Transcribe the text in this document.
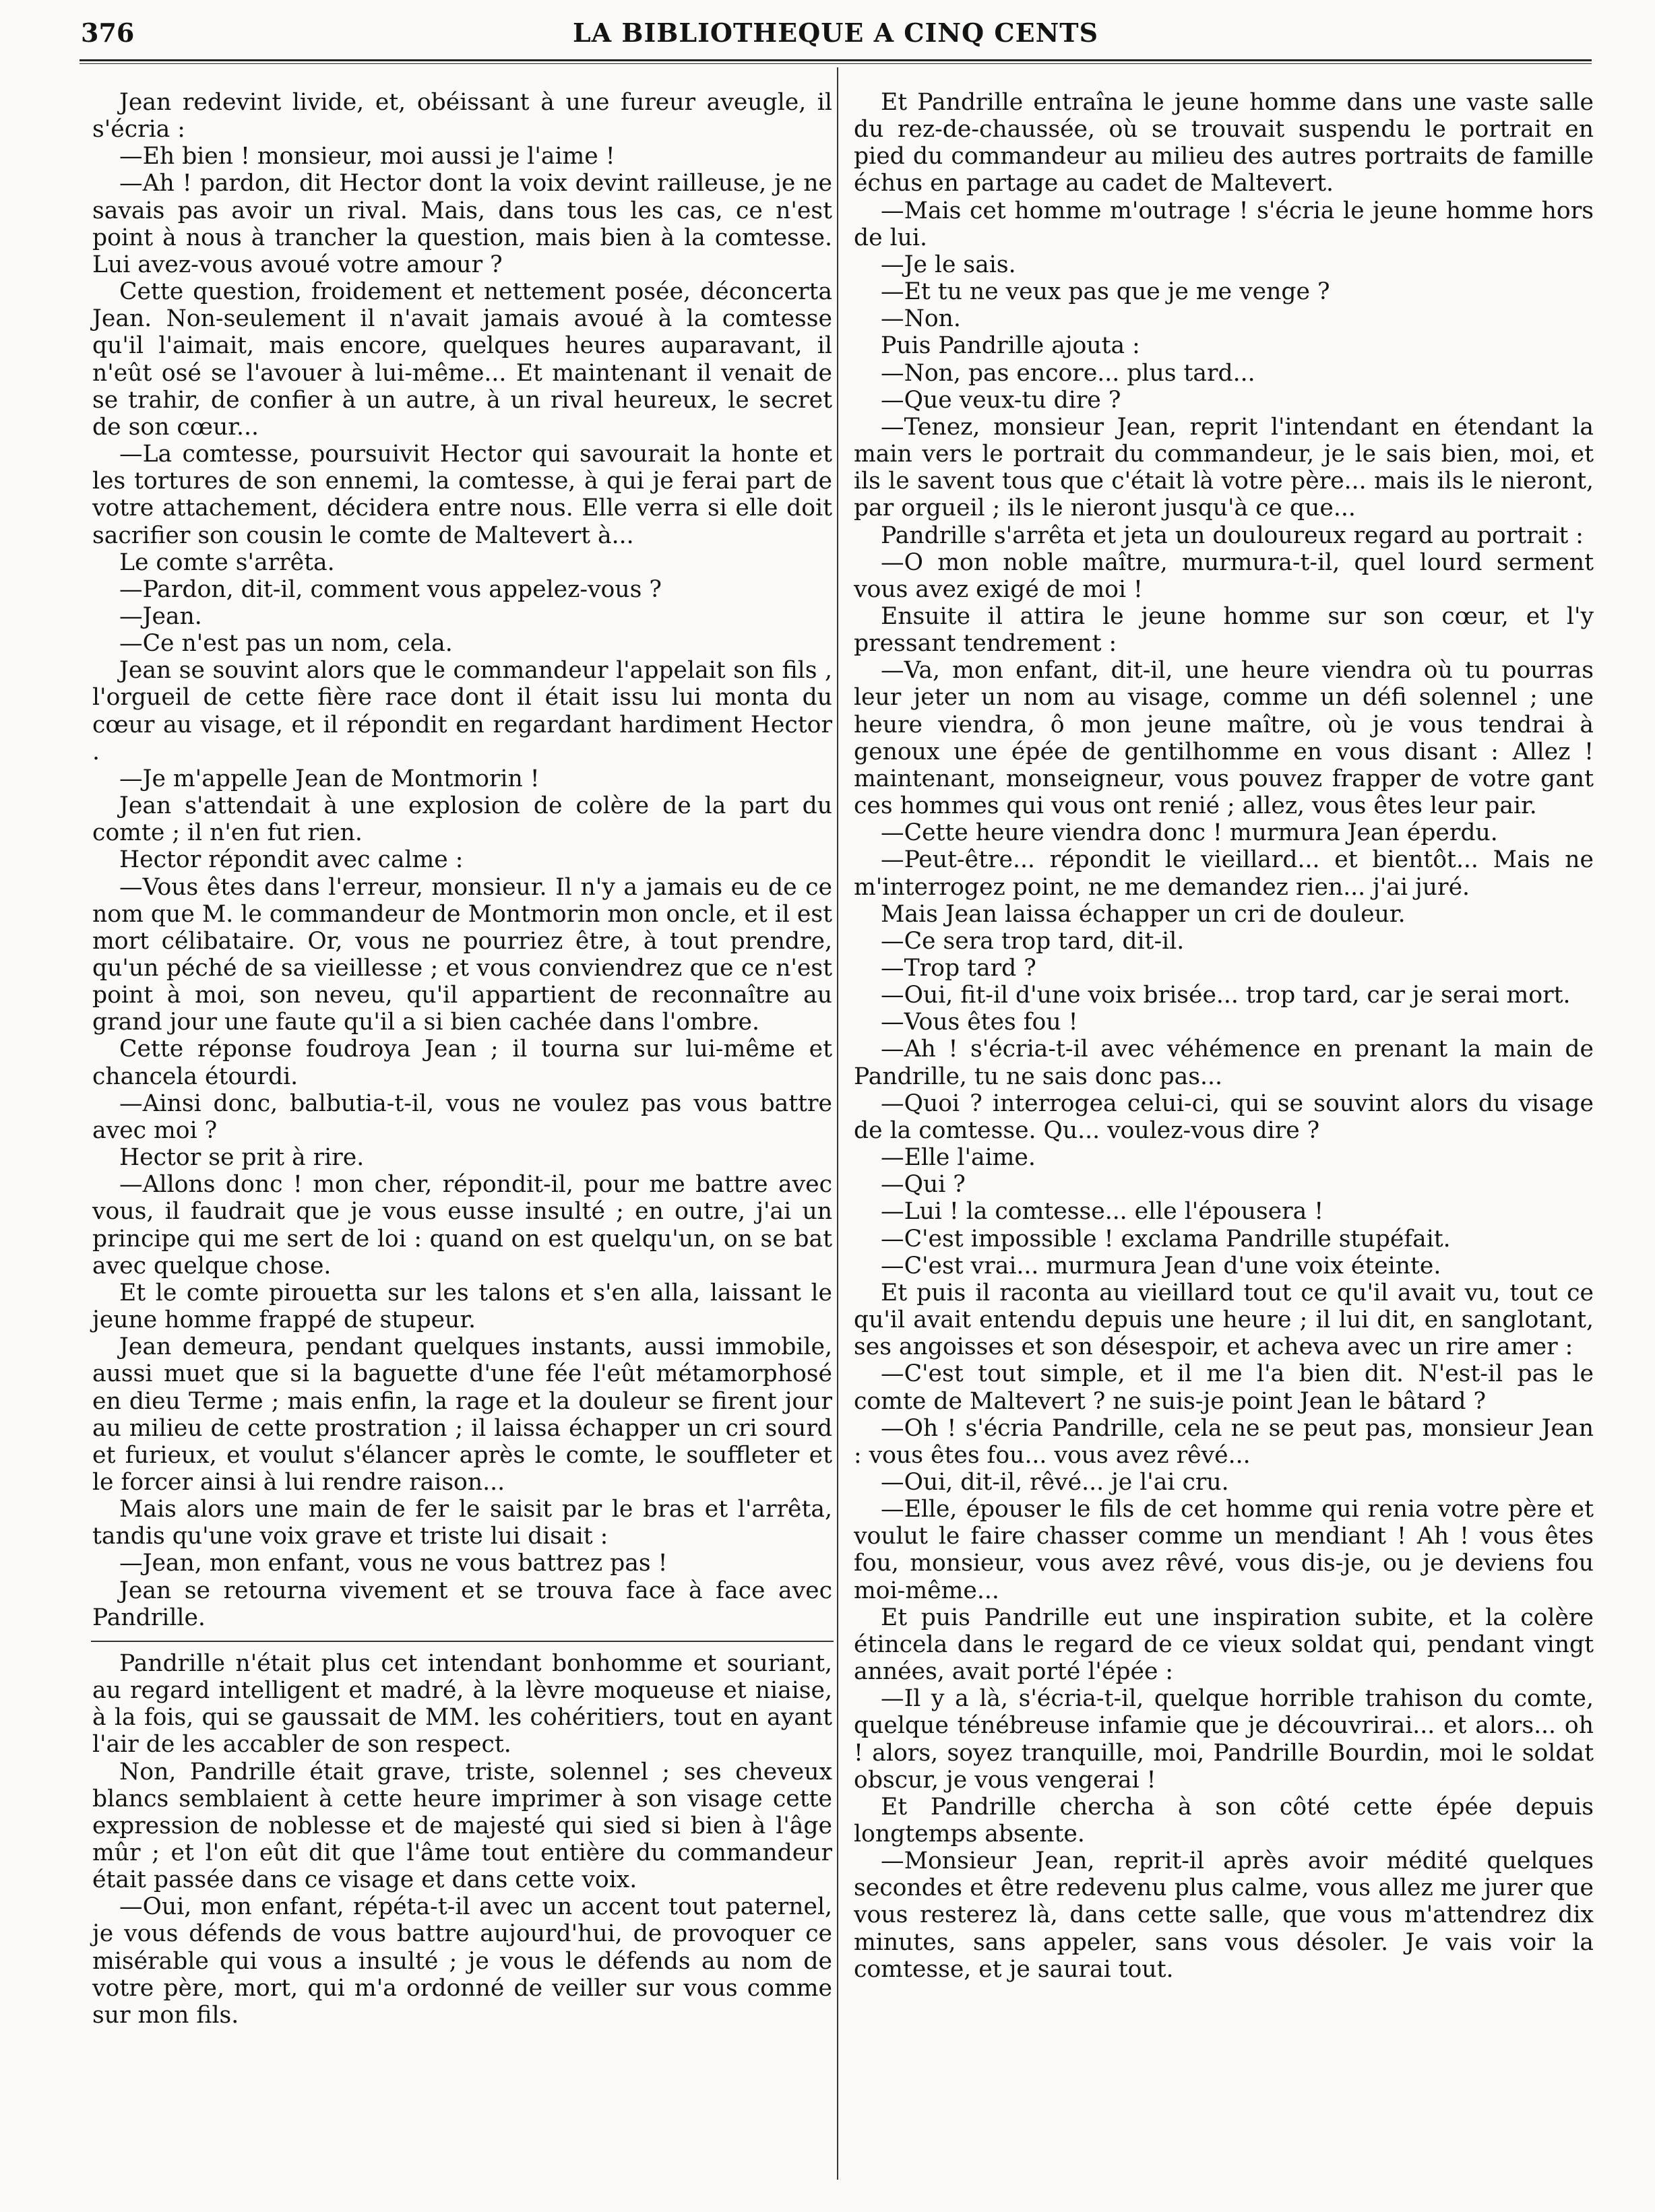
376	LA BIBLIOTHEQUE A CINQ CENTS

Jean redevint livide, et, obéissant à une fureur aveugle, il s'écria :

—Eh bien ! monsieur, moi aussi je l'aime !

—Ah ! pardon, dit Hector dont la voix devint railleuse, je ne savais pas avoir un rival. Mais, dans tous les cas, ce n'est point à nous à trancher la question, mais bien à la comtesse. Lui avez-vous avoué votre amour ?

Cette question, froidement et nettement posée, déconcerta Jean. Non-seulement il n'avait jamais avoué à la comtesse qu'il l'aimait, mais encore, quelques heures auparavant, il n'eût osé se l'avouer à lui-même... Et maintenant il venait de se trahir, de confier à un autre, à un rival heureux, le secret de son cœur...

—La comtesse, poursuivit Hector qui savourait la honte et les tortures de son ennemi, la comtesse, à qui je ferai part de votre attachement, décidera entre nous. Elle verra si elle doit sacrifier son cousin le comte de Maltevert à...

Le comte s'arrêta.

—Pardon, dit-il, comment vous appelez-vous ?

—Jean.

—Ce n'est pas un nom, cela.

Jean se souvint alors que le commandeur l'appelait son fils , l'orgueil de cette fière race dont il était issu lui monta du cœur au visage, et il répondit en regardant hardiment Hector .

—Je m'appelle Jean de Montmorin !

Jean s'attendait à une explosion de colère de la part du comte ; il n'en fut rien.

Hector répondit avec calme :

—Vous êtes dans l'erreur, monsieur. Il n'y a jamais eu de ce nom que M. le commandeur de Montmorin mon oncle, et il est mort célibataire. Or, vous ne pourriez être, à tout prendre, qu'un péché de sa vieillesse ; et vous conviendrez que ce n'est point à moi, son neveu, qu'il appartient de reconnaître au grand jour une faute qu'il a si bien cachée dans l'ombre.

Cette réponse foudroya Jean ; il tourna sur lui-même et chancela étourdi.

—Ainsi donc, balbutia-t-il, vous ne voulez pas vous battre avec moi ?

Hector se prit à rire.

—Allons donc ! mon cher, répondit-il, pour me battre avec vous, il faudrait que je vous eusse insulté ; en outre, j'ai un principe qui me sert de loi : quand on est quelqu'un, on se bat avec quelque chose.

Et le comte pirouetta sur les talons et s'en alla, laissant le jeune homme frappé de stupeur.

Jean demeura, pendant quelques instants, aussi immobile, aussi muet que si la baguette d'une fée l'eût métamorphosé en dieu Terme ; mais enfin, la rage et la douleur se firent jour au milieu de cette prostration ; il laissa échapper un cri sourd et furieux, et voulut s'élancer après le comte, le souffleter et le forcer ainsi à lui rendre raison...

Mais alors une main de fer le saisit par le bras et l'arrêta, tandis qu'une voix grave et triste lui disait :

—Jean, mon enfant, vous ne vous battrez pas !

Jean se retourna vivement et se trouva face à face avec Pandrille.

Pandrille n'était plus cet intendant bonhomme et souriant, au regard intelligent et madré, à la lèvre moqueuse et niaise, à la fois, qui se gaussait de MM. les cohéritiers, tout en ayant l'air de les accabler de son respect.

Non, Pandrille était grave, triste, solennel ; ses cheveux blancs semblaient à cette heure imprimer à son visage cette expression de noblesse et de majesté qui sied si bien à l'âge mûr ; et l'on eût dit que l'âme tout entière du commandeur était passée dans ce visage et dans cette voix.

—Oui, mon enfant, répéta-t-il avec un accent tout paternel, je vous défends de vous battre aujourd'hui, de provoquer ce misérable qui vous a insulté ; je vous le défends au nom de votre père, mort, qui m'a ordonné de veiller sur vous comme sur mon fils.

Et Pandrille entraîna le jeune homme dans une vaste salle du rez-de-chaussée, où se trouvait suspendu le portrait en pied du commandeur au milieu des autres portraits de famille échus en partage au cadet de Maltevert.

—Mais cet homme m'outrage ! s'écria le jeune homme hors de lui.

—Je le sais.

—Et tu ne veux pas que je me venge ?

—Non.

Puis Pandrille ajouta :

—Non, pas encore... plus tard...

—Que veux-tu dire ?

—Tenez, monsieur Jean, reprit l'intendant en étendant la main vers le portrait du commandeur, je le sais bien, moi, et ils le savent tous que c'était là votre père... mais ils le nieront, par orgueil ; ils le nieront jusqu'à ce que...

Pandrille s'arrêta et jeta un douloureux regard au portrait :

—O mon noble maître, murmura-t-il, quel lourd serment vous avez exigé de moi !

Ensuite il attira le jeune homme sur son cœur, et l'y pressant tendrement :

—Va, mon enfant, dit-il, une heure viendra où tu pourras leur jeter un nom au visage, comme un défi solennel ; une heure viendra, ô mon jeune maître, où je vous tendrai à genoux une épée de gentilhomme en vous disant : Allez ! maintenant, monseigneur, vous pouvez frapper de votre gant ces hommes qui vous ont renié ; allez, vous êtes leur pair.

—Cette heure viendra donc ! murmura Jean éperdu.

—Peut-être... répondit le vieillard... et bientôt... Mais ne m'interrogez point, ne me demandez rien... j'ai juré.

Mais Jean laissa échapper un cri de douleur.

—Ce sera trop tard, dit-il.

—Trop tard ?

—Oui, fit-il d'une voix brisée... trop tard, car je serai mort.

—Vous êtes fou !

—Ah ! s'écria-t-il avec véhémence en prenant la main de Pandrille, tu ne sais donc pas...

—Quoi ? interrogea celui-ci, qui se souvint alors du visage de la comtesse. Qu... voulez-vous dire ?

—Elle l'aime.

—Qui ?

—Lui ! la comtesse... elle l'épousera !

—C'est impossible ! exclama Pandrille stupéfait.

—C'est vrai... murmura Jean d'une voix éteinte.

Et puis il raconta au vieillard tout ce qu'il avait vu, tout ce qu'il avait entendu depuis une heure ; il lui dit, en sanglotant, ses angoisses et son désespoir, et acheva avec un rire amer :

—C'est tout simple, et il me l'a bien dit. N'est-il pas le comte de Maltevert ? ne suis-je point Jean le bâtard ?

—Oh ! s'écria Pandrille, cela ne se peut pas, monsieur Jean : vous êtes fou... vous avez rêvé...

—Oui, dit-il, rêvé... je l'ai cru.

—Elle, épouser le fils de cet homme qui renia votre père et voulut le faire chasser comme un mendiant ! Ah ! vous êtes fou, monsieur, vous avez rêvé, vous dis-je, ou je deviens fou moi-même...

Et puis Pandrille eut une inspiration subite, et la colère étincela dans le regard de ce vieux soldat qui, pendant vingt années, avait porté l'épée :

—Il y a là, s'écria-t-il, quelque horrible trahison du comte, quelque ténébreuse infamie que je découvrirai... et alors... oh ! alors, soyez tranquille, moi, Pandrille Bourdin, moi le soldat obscur, je vous vengerai !

Et Pandrille chercha à son côté cette épée depuis longtemps absente.

—Monsieur Jean, reprit-il après avoir médité quelques secondes et être redevenu plus calme, vous allez me jurer que vous resterez là, dans cette salle, que vous m'attendrez dix minutes, sans appeler, sans vous désoler. Je vais voir la comtesse, et je saurai tout.
